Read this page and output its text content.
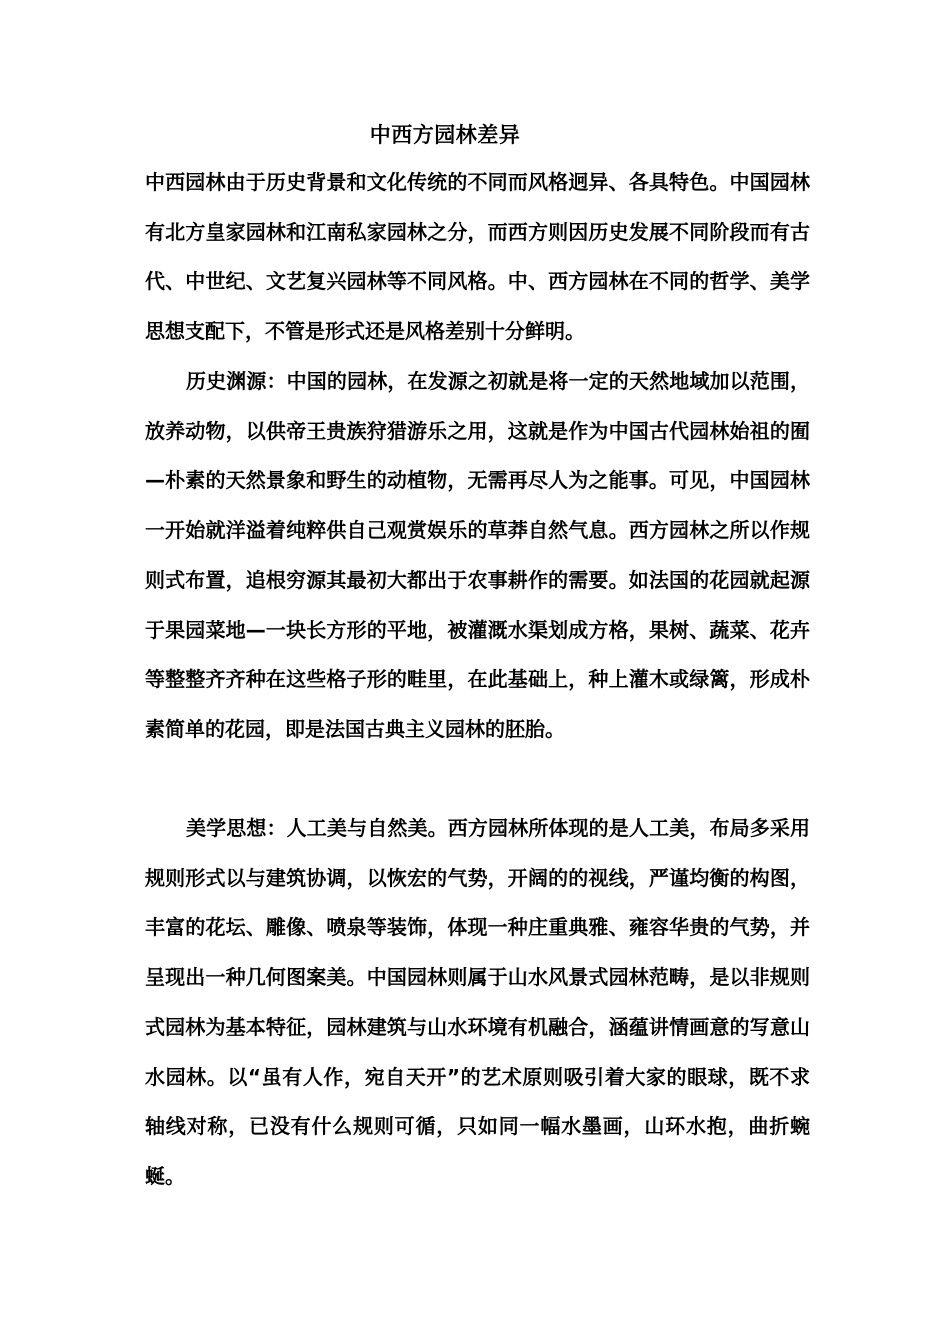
中西方园林差异
中西园林由于历史背景和文化传统的不同而风格迥异、各具特色。中国园林有北方皇家园林和江南私家园林之分，而西方则因历史发展不同阶段而有古代、中世纪、文艺复兴园林等不同风格。中、西方园林在不同的哲学、美学思想支配下，不管是形式还是风格差别十分鲜明。
历史渊源：中国的园林，在发源之初就是将一定的天然地域加以范围，放养动物，以供帝王贵族狩猎游乐之用，这就是作为中国古代园林始祖的囿—朴素的天然景象和野生的动植物，无需再尽人为之能事。可见，中国园林一开始就洋溢着纯粹供自己观赏娱乐的草莽自然气息。西方园林之所以作规则式布置，追根穷源其最初大都出于农事耕作的需要。如法国的花园就起源于果园菜地—一块长方形的平地，被灌溉水渠划成方格，果树、蔬菜、花卉等整整齐齐种在这些格子形的畦里，在此基础上，种上灌木或绿篱，形成朴素简单的花园，即是法国古典主义园林的胚胎。
美学思想：人工美与自然美。西方园林所体现的是人工美，布局多采用规则形式以与建筑协调，以恢宏的气势，开阔的的视线，严谨均衡的构图，丰富的花坛、雕像、喷泉等装饰，体现一种庄重典雅、雍容华贵的气势，并呈现出一种几何图案美。中国园林则属于山水风景式园林范畴，是以非规则式园林为基本特征，园林建筑与山水环境有机融合，涵蕴讲情画意的写意山水园林。以“虽有人作，宛自天开”的艺术原则吸引着大家的眼球，既不求轴线对称，已没有什么规则可循，只如同一幅水墨画，山环水抱，曲折蜿蜒。
